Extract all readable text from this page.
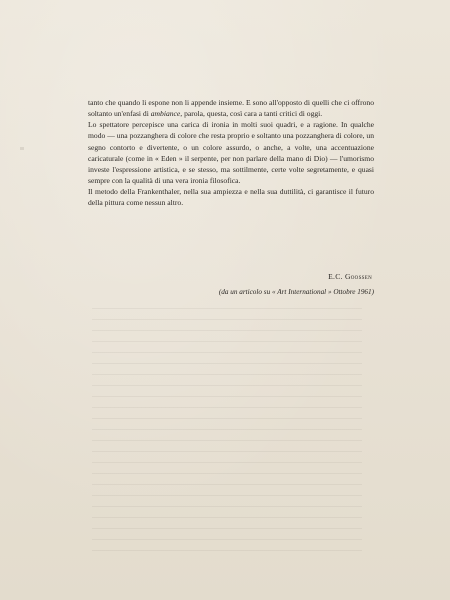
tanto che quando li espone non li appende insieme. E sono all'opposto di quelli che ci offrono soltanto un'enfasi di ambiance, parola, questa, così cara a tanti critici di oggi.

Lo spettatore percepisce una carica di ironia in molti suoi quadri, e a ragione. In qualche modo — una pozzanghera di colore che resta proprio e soltanto una pozzanghera di colore, un segno contorto e divertente, o un colore assurdo, o anche, a volte, una accentuazione caricaturale (come in « Eden » il serpente, per non parlare della mano di Dio) — l'umorismo investe l'espressione artistica, e se stesso, ma sottilmente, certe volte segretamente, e quasi sempre con la qualità di una vera ironia filosofica.

Il metodo della Frankenthaler, nella sua ampiezza e nella sua duttilità, ci garantisce il futuro della pittura come nessun altro.

E.C. Goossen
(da un articolo su « Art International » Ottobre 1961)
